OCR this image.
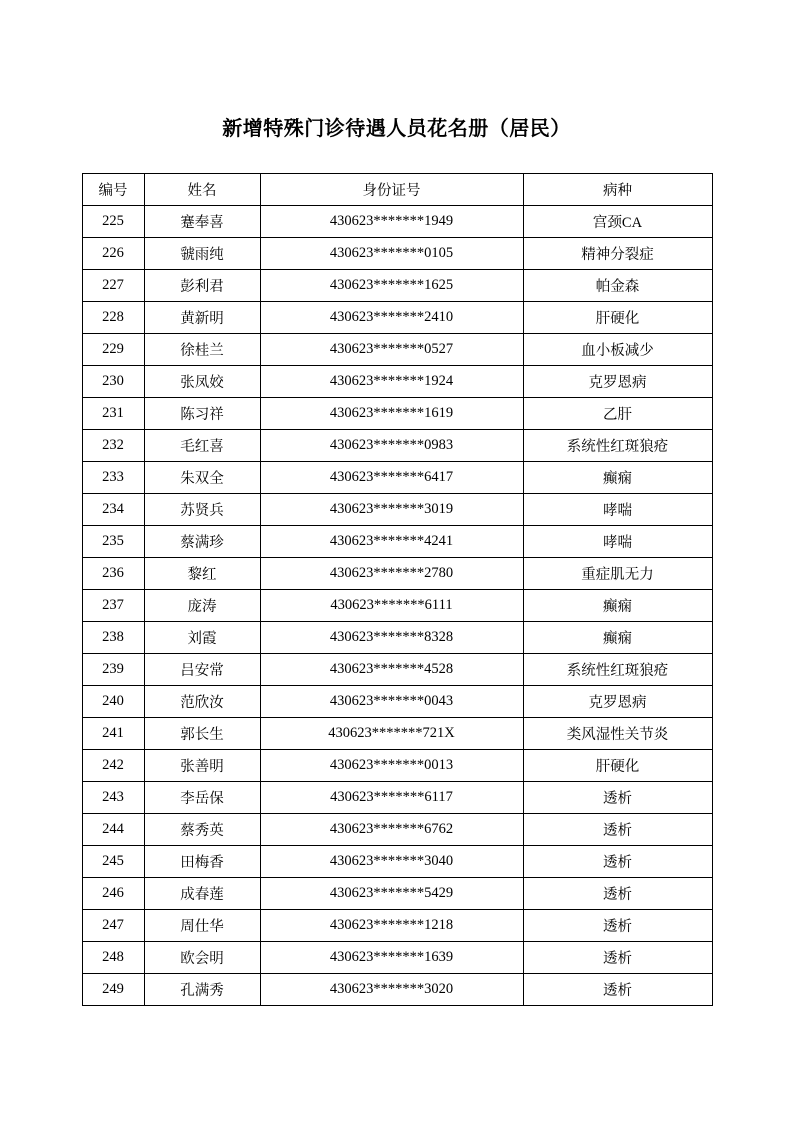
新增特殊门诊待遇人员花名册（居民）
编号	姓名	身份证号	病种
225	蹇奉喜	430623*******1949	宫颈CA
226	虢雨纯	430623*******0105	精神分裂症
227	彭利君	430623*******1625	帕金森
228	黄新明	430623*******2410	肝硬化
229	徐桂兰	430623*******0527	血小板减少
230	张凤姣	430623*******1924	克罗恩病
231	陈习祥	430623*******1619	乙肝
232	毛红喜	430623*******0983	系统性红斑狼疮
233	朱双全	430623*******6417	癫痫
234	苏贤兵	430623*******3019	哮喘
235	蔡满珍	430623*******4241	哮喘
236	黎红	430623*******2780	重症肌无力
237	庞涛	430623*******6111	癫痫
238	刘霞	430623*******8328	癫痫
239	吕安常	430623*******4528	系统性红斑狼疮
240	范欣汝	430623*******0043	克罗恩病
241	郭长生	430623*******721X	类风湿性关节炎
242	张善明	430623*******0013	肝硬化
243	李岳保	430623*******6117	透析
244	蔡秀英	430623*******6762	透析
245	田梅香	430623*******3040	透析
246	成春莲	430623*******5429	透析
247	周仕华	430623*******1218	透析
248	欧会明	430623*******1639	透析
249	孔满秀	430623*******3020	透析
